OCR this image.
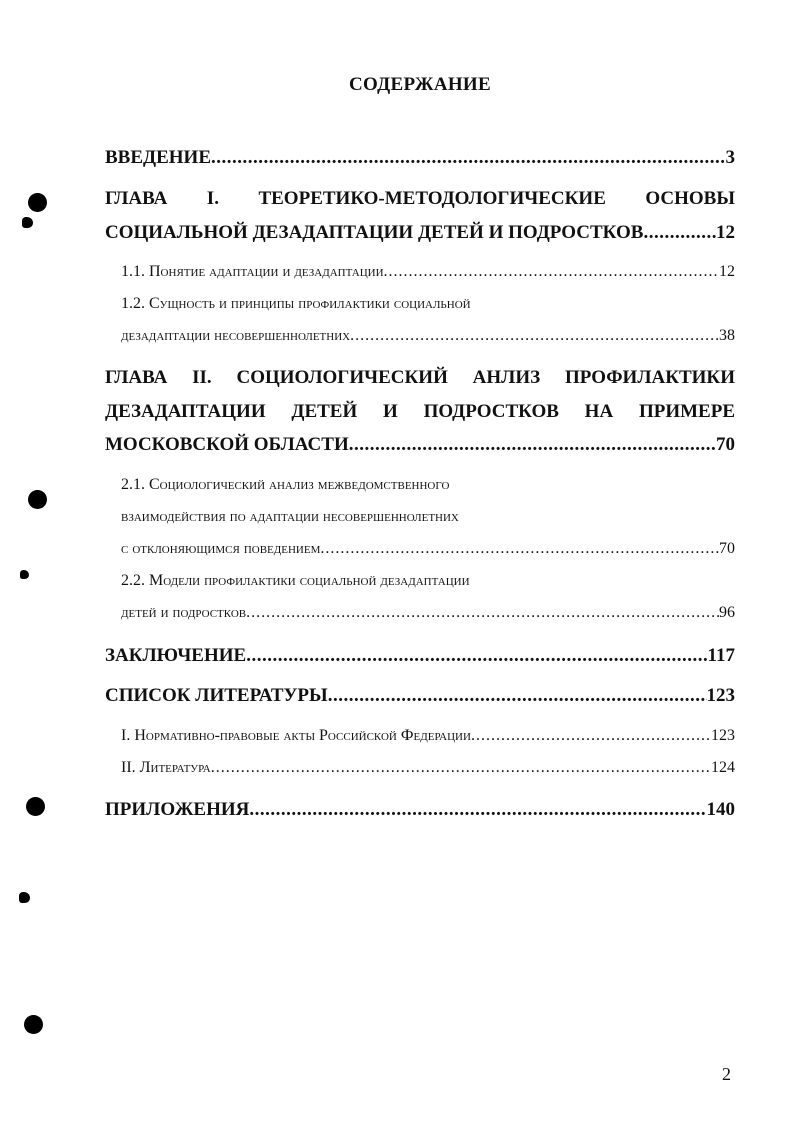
СОДЕРЖАНИЕ
ВВЕДЕНИЕ .....	3
ГЛАВА I. ТЕОРЕТИКО-МЕТОДОЛОГИЧЕСКИЕ ОСНОВЫ
СОЦИАЛЬНОЙ ДЕЗАДАПТАЦИИ ДЕТЕЙ И ПОДРОСТКОВ .....	12
1.1. Понятие адаптации и дезадаптации .....	12
1.2. Сущность и принципы профилактики социальной
дезадаптации несовершеннолетних .....	38
ГЛАВА II. СОЦИОЛОГИЧЕСКИЙ АНЛИЗ ПРОФИЛАКТИКИ
ДЕЗАДАПТАЦИИ ДЕТЕЙ И ПОДРОСТКОВ НА ПРИМЕРЕ
МОСКОВСКОЙ ОБЛАСТИ .....	70
2.1. Социологический анализ межведомственного
взаимодействия по адаптации несовершеннолетних
с отклоняющимся поведением .....	70
2.2. Модели профилактики социальной дезадаптации
детей и подростков .....	96
ЗАКЛЮЧЕНИЕ .....	117
СПИСОК ЛИТЕРАТУРЫ .....	123
I. Нормативно-правовые акты Российской Федерации .....	123
II. Литература .....	124
ПРИЛОЖЕНИЯ .....	140
2
